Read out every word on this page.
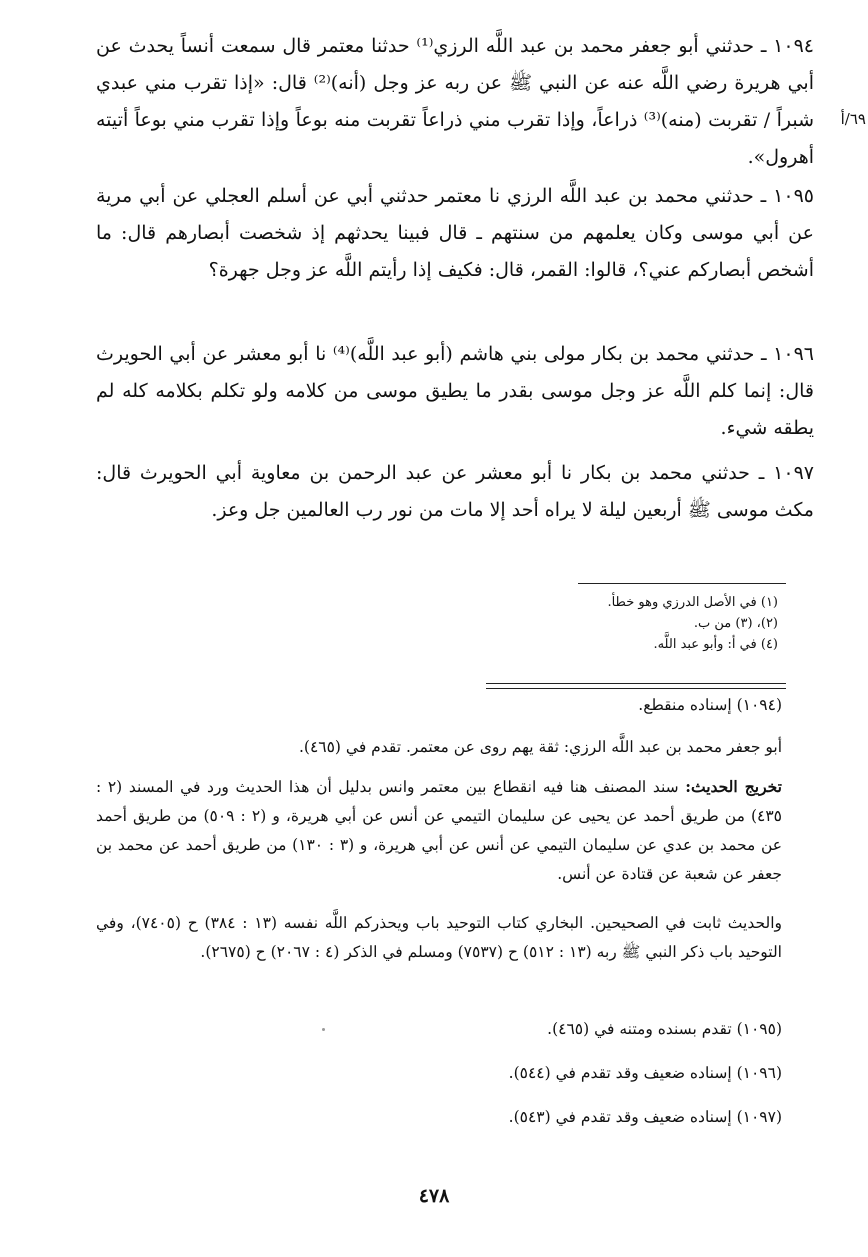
١٠٩٤ ـ حدثني أبو جعفر محمد بن عبد اللَّه الرزي⁽¹⁾ حدثنا معتمر قال سمعت أنساً يحدث عن أبي هريرة رضي اللَّه عنه عن النبي ﷺ عن ربه عز وجل (أنه)⁽²⁾ قال: «إذا تقرب مني عبدي شبراً / تقربت (منه)⁽³⁾ ذراعاً، وإذا تقرب مني ذراعاً تقربت منه بوعاً وإذا تقرب مني بوعاً أتيته أهرول».

٦٩/أ

١٠٩٥ ـ حدثني محمد بن عبد اللَّه الرزي نا معتمر حدثني أبي عن أسلم العجلي عن أبي مرية عن أبي موسى وكان يعلمهم من سنتهم ـ قال فبينا يحدثهم إذ شخصت أبصارهم قال: ما أشخص أبصاركم عني؟، قالوا: القمر، قال: فكيف إذا رأيتم اللَّه عز وجل جهرة؟

١٠٩٦ ـ حدثني محمد بن بكار مولى بني هاشم (أبو عبد اللَّه)⁽⁴⁾ نا أبو معشر عن أبي الحويرث قال: إنما كلم اللَّه عز وجل موسى بقدر ما يطيق موسى من كلامه ولو تكلم بكلامه كله لم يطقه شيء.

١٠٩٧ ـ حدثني محمد بن بكار نا أبو معشر عن عبد الرحمن بن معاوية أبي الحويرث قال: مكث موسى ﷺ أربعين ليلة لا يراه أحد إلا مات من نور رب العالمين جل وعز.

(١) في الأصل الدرزي وهو خطأ.
(٢)، (٣) من ب.
(٤) في أ: وأبو عبد اللَّه.

(١٠٩٤) إسناده منقطع.

أبو جعفر محمد بن عبد اللَّه الرزي: ثقة يهم روى عن معتمر. تقدم في (٤٦٥).

تخريج الحديث: سند المصنف هنا فيه انقطاع بين معتمر وانس بدليل أن هذا الحديث ورد في المسند (٢ : ٤٣٥) من طريق أحمد عن يحيى عن سليمان التيمي عن أنس عن أبي هريرة، و (٢ : ٥٠٩) من طريق أحمد عن محمد بن عدي عن سليمان التيمي عن أنس عن أبي هريرة، و (٣ : ١٣٠) من طريق أحمد عن محمد بن جعفر عن شعبة عن قتادة عن أنس.

والحديث ثابت في الصحيحين. البخاري كتاب التوحيد باب ويحذركم اللَّه نفسه (١٣ : ٣٨٤) ح (٧٤٠٥)، وفي التوحيد باب ذكر النبي ﷺ ربه (١٣ : ٥١٢) ح (٧٥٣٧) ومسلم في الذكر (٤ : ٢٠٦٧) ح (٢٦٧٥).

(١٠٩٥) تقدم بسنده ومتنه في (٤٦٥).

(١٠٩٦) إسناده ضعيف وقد تقدم في (٥٤٤).

(١٠٩٧) إسناده ضعيف وقد تقدم في (٥٤٣).

٤٧٨
